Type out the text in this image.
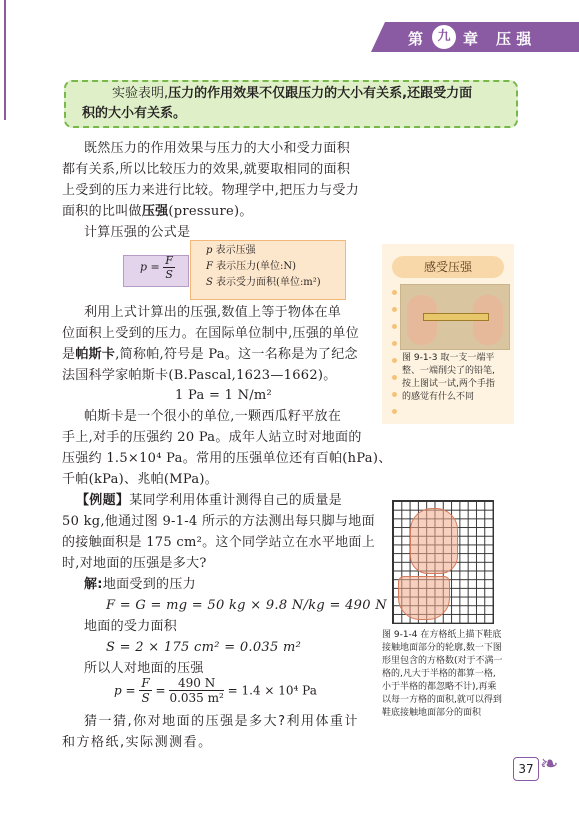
第	九 章 压 强
实验表明,压力的作用效果不仅跟压力的大小有关系,还跟受力面
积的大小有关系。
既然压力的作用效果与压力的大小和受力面积
都有关系,所以比较压力的效果,就要取相同的面积
上受到的压力来进行比较。物理学中,把压力与受力
面积的比叫做压强(pressure)。
计算压强的公式是
$p = \frac{F}{S}$
p 表示压强
F 表示压力(单位:N)
S 表示受力面积(单位:m²)
利用上式计算出的压强,数值上等于物体在单
位面积上受到的压力。在国际单位制中,压强的单位
是帕斯卡,简称帕,符号是 Pa。这一名称是为了纪念
法国科学家帕斯卡(B.Pascal,1623—1662)。
1 Pa = 1 N/m²
帕斯卡是一个很小的单位,一颗西瓜籽平放在
手上,对手的压强约 20 Pa。成年人站立时对地面的
压强约 1.5×10⁴ Pa。常用的压强单位还有百帕(hPa)、
千帕(kPa)、兆帕(MPa)。
【例题】某同学利用体重计测得自己的质量是
50 kg,他通过图 9-1-4 所示的方法测出每只脚与地面
的接触面积是 175 cm²。这个同学站立在水平地面上
时,对地面的压强是多大?
解:地面受到的压力
F = G = mg = 50 kg × 9.8 N/kg = 490 N
地面的受力面积
S = 2 × 175 cm² = 0.035 m²
所以人对地面的压强
$p = \frac{F}{S} = \frac{490 N}{\text{0.035 m²}} = 1.4 \times 10^4$ Pa
猜一猜,你对地面的压强是多大?利用体重计
和方格纸,实际测测看。
感受压强
图 9-1-3 取一支一端平
整、一端削尖了的铅笔,
按上图试一试,两个手指
的感觉有什么不同
图 9-1-4 在方格纸上描下鞋底
接触地面部分的轮廓,数一下图
形里包含的方格数(对于不满一
格的,凡大于半格的都算一格,
小于半格的都忽略不计),再乘
以每一方格的面积,就可以得到
鞋底接触地面部分的面积
37 ❧
